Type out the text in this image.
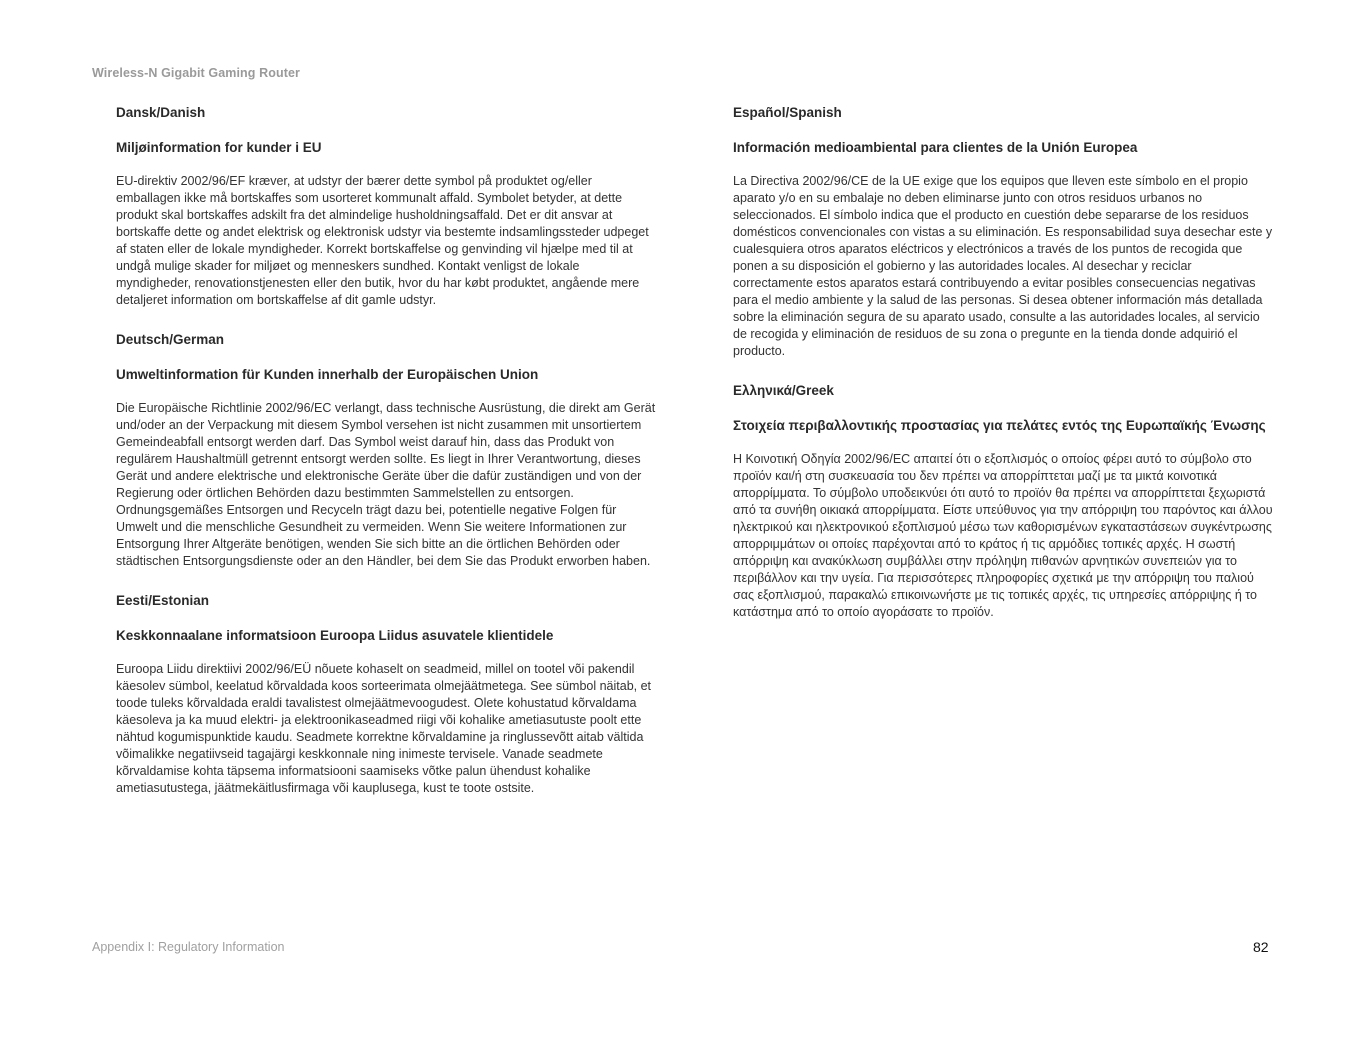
Wireless-N Gigabit Gaming Router
Dansk/Danish
Miljøinformation for kunder i EU

EU-direktiv 2002/96/EF kræver, at udstyr der bærer dette symbol på produktet og/eller emballagen ikke må bortskaffes som usorteret kommunalt affald. Symbolet betyder, at dette produkt skal bortskaffes adskilt fra det almindelige husholdningsaffald. Det er dit ansvar at bortskaffe dette og andet elektrisk og elektronisk udstyr via bestemte indsamlingssteder udpeget af staten eller de lokale myndigheder. Korrekt bortskaffelse og genvinding vil hjælpe med til at undgå mulige skader for miljøet og menneskers sundhed. Kontakt venligst de lokale myndigheder, renovationstjenesten eller den butik, hvor du har købt produktet, angående mere detaljeret information om bortskaffelse af dit gamle udstyr.

Deutsch/German
Umweltinformation für Kunden innerhalb der Europäischen Union

Die Europäische Richtlinie 2002/96/EC verlangt, dass technische Ausrüstung, die direkt am Gerät und/oder an der Verpackung mit diesem Symbol versehen ist nicht zusammen mit unsortiertem Gemeindeabfall entsorgt werden darf. Das Symbol weist darauf hin, dass das Produkt von regulärem Haushaltmüll getrennt entsorgt werden sollte. Es liegt in Ihrer Verantwortung, dieses Gerät und andere elektrische und elektronische Geräte über die dafür zuständigen und von der Regierung oder örtlichen Behörden dazu bestimmten Sammelstellen zu entsorgen. Ordnungsgemäßes Entsorgen und Recyceln trägt dazu bei, potentielle negative Folgen für Umwelt und die menschliche Gesundheit zu vermeiden. Wenn Sie weitere Informationen zur Entsorgung Ihrer Altgeräte benötigen, wenden Sie sich bitte an die örtlichen Behörden oder städtischen Entsorgungsdienste oder an den Händler, bei dem Sie das Produkt erworben haben.

Eesti/Estonian
Keskkonnaalane informatsioon Euroopa Liidus asuvatele klientidele

Euroopa Liidu direktiivi 2002/96/EÜ nõuete kohaselt on seadmeid, millel on tootel või pakendil käesolev sümbol, keelatud kõrvaldada koos sorteerimata olmejäätmetega. See sümbol näitab, et toode tuleks kõrvaldada eraldi tavalistest olmejäätmevoogudest. Olete kohustatud kõrvaldama käesoleva ja ka muud elektri- ja elektroonikaseadmed riigi või kohalike ametiasutuste poolt ette nähtud kogumispunktide kaudu. Seadmete korrektne kõrvaldamine ja ringlussevõtt aitab vältida võimalikke negatiivseid tagajärgi keskkonnale ning inimeste tervisele. Vanade seadmete kõrvaldamise kohta täpsema informatsiooni saamiseks võtke palun ühendust kohalike ametiasutustega, jäätmekäitlusfirmaga või kauplusega, kust te toote ostsite.

Español/Spanish
Información medioambiental para clientes de la Unión Europea

La Directiva 2002/96/CE de la UE exige que los equipos que lleven este símbolo en el propio aparato y/o en su embalaje no deben eliminarse junto con otros residuos urbanos no seleccionados. El símbolo indica que el producto en cuestión debe separarse de los residuos domésticos convencionales con vistas a su eliminación. Es responsabilidad suya desechar este y cualesquiera otros aparatos eléctricos y electrónicos a través de los puntos de recogida que ponen a su disposición el gobierno y las autoridades locales. Al desechar y reciclar correctamente estos aparatos estará contribuyendo a evitar posibles consecuencias negativas para el medio ambiente y la salud de las personas. Si desea obtener información más detallada sobre la eliminación segura de su aparato usado, consulte a las autoridades locales, al servicio de recogida y eliminación de residuos de su zona o pregunte en la tienda donde adquirió el producto.

Ελληνικά/Greek
Στοιχεία περιβαλλοντικής προστασίας για πελάτες εντός της Ευρωπαϊκής Ένωσης

Η Κοινοτική Οδηγία 2002/96/EC απαιτεί ότι ο εξοπλισμός ο οποίος φέρει αυτό το σύμβολο στο προϊόν και/ή στη συσκευασία του δεν πρέπει να απορρίπτεται μαζί με τα μικτά κοινοτικά απορρίμματα. Το σύμβολο υποδεικνύει ότι αυτό το προϊόν θα πρέπει να απορρίπτεται ξεχωριστά από τα συνήθη οικιακά απορρίμματα. Είστε υπεύθυνος για την απόρριψη του παρόντος και άλλου ηλεκτρικού και ηλεκτρονικού εξοπλισμού μέσω των καθορισμένων εγκαταστάσεων συγκέντρωσης απορριμμάτων οι οποίες παρέχονται από το κράτος ή τις αρμόδιες τοπικές αρχές. Η σωστή απόρριψη και ανακύκλωση συμβάλλει στην πρόληψη πιθανών αρνητικών συνεπειών για το περιβάλλον και την υγεία. Για περισσότερες πληροφορίες σχετικά με την απόρριψη του παλιού σας εξοπλισμού, παρακαλώ επικοινωνήστε με τις τοπικές αρχές, τις υπηρεσίες απόρριψης ή το κατάστημα από το οποίο αγοράσατε το προϊόν.

Appendix I: Regulatory Information	82
